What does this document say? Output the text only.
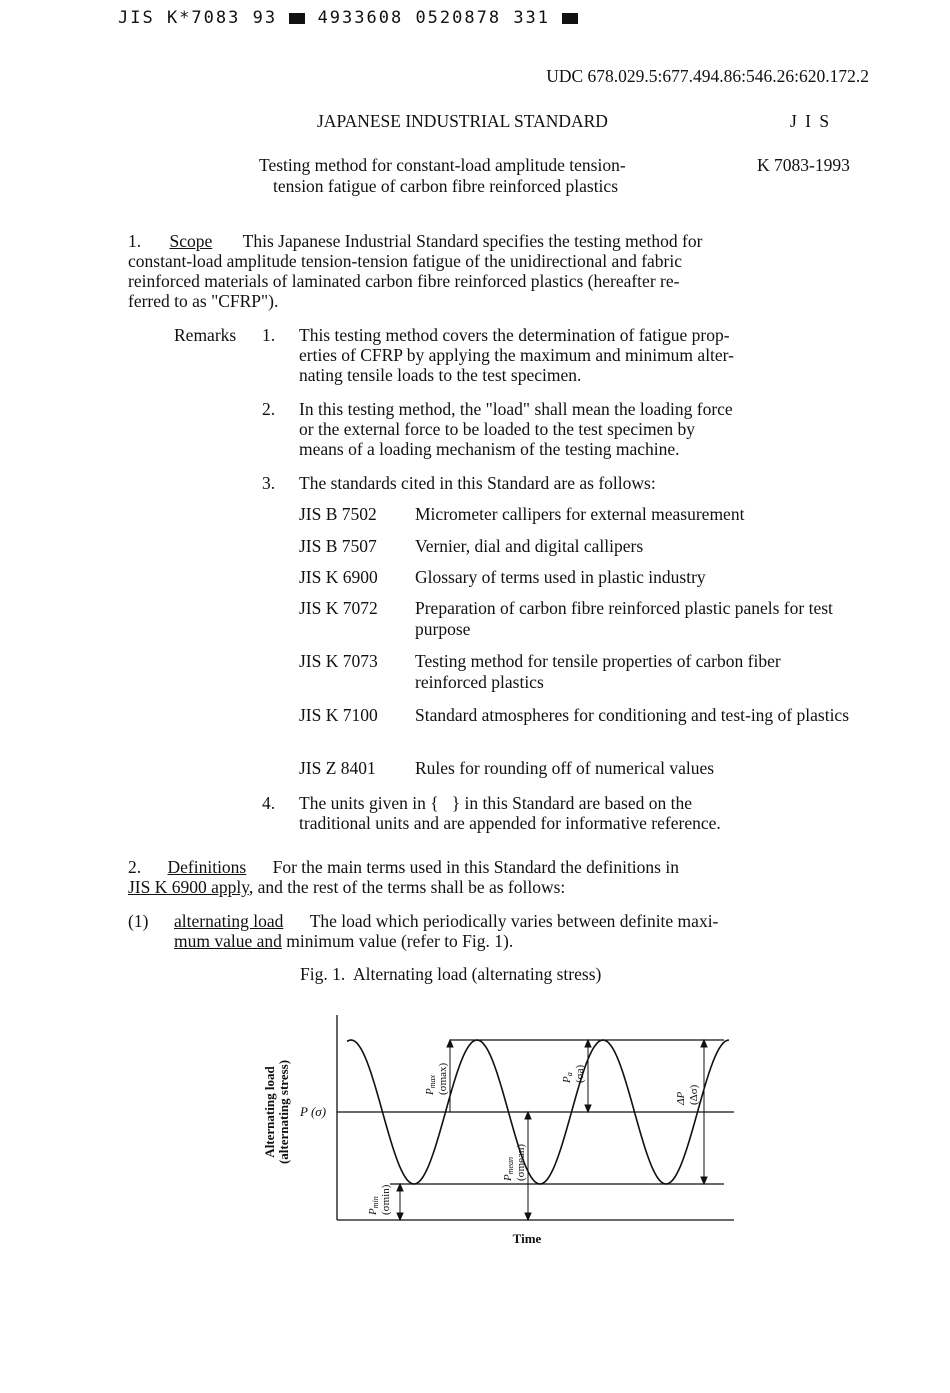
JIS K*7083 93 4933608 0520878 331
UDC 678.029.5:677.494.86:546.26:620.172.2
JAPANESE INDUSTRIAL STANDARD	J I S
Testing method for constant-load amplitude tension-
tension fatigue of carbon fibre reinforced plastics
K 7083-1993
1. Scope This Japanese Industrial Standard specifies the testing method for
constant-load amplitude tension-tension fatigue of the unidirectional and fabric
reinforced materials of laminated carbon fibre reinforced plastics (hereafter re-
ferred to as "CFRP").
Remarks 1. This testing method covers the determination of fatigue prop-
erties of CFRP by applying the maximum and minimum alter-
nating tensile loads to the test specimen.
2. In this testing method, the "load" shall mean the loading force
or the external force to be loaded to the test specimen by
means of a loading mechanism of the testing machine.
3. The standards cited in this Standard are as follows:
JIS B 7502 Micrometer callipers for external measurement
JIS B 7507 Vernier, dial and digital callipers
JIS K 6900 Glossary of terms used in plastic industry
JIS K 7072 Preparation of carbon fibre reinforced plastic panels for test purpose
JIS K 7073 Testing method for tensile properties of carbon fiber reinforced plastics
JIS K 7100 Standard atmospheres for conditioning and test-ing of plastics
JIS Z 8401 Rules for rounding off of numerical values
4. The units given in {   } in this Standard are based on the
traditional units and are appended for informative reference.
2. Definitions For the main terms used in this Standard the definitions in
JIS K 6900 apply, and the rest of the terms shall be as follows:
(1) alternating load The load which periodically varies between definite maxi-
mum value and minimum value (refer to Fig. 1).
Fig. 1.  Alternating load (alternating stress)
Alternating load (alternating stress) P (σ)
Pmax (σmax)	Pa (σa)
Pmean (σmean)
Pmin (σmin)
ΔP (Δσ)
Time
